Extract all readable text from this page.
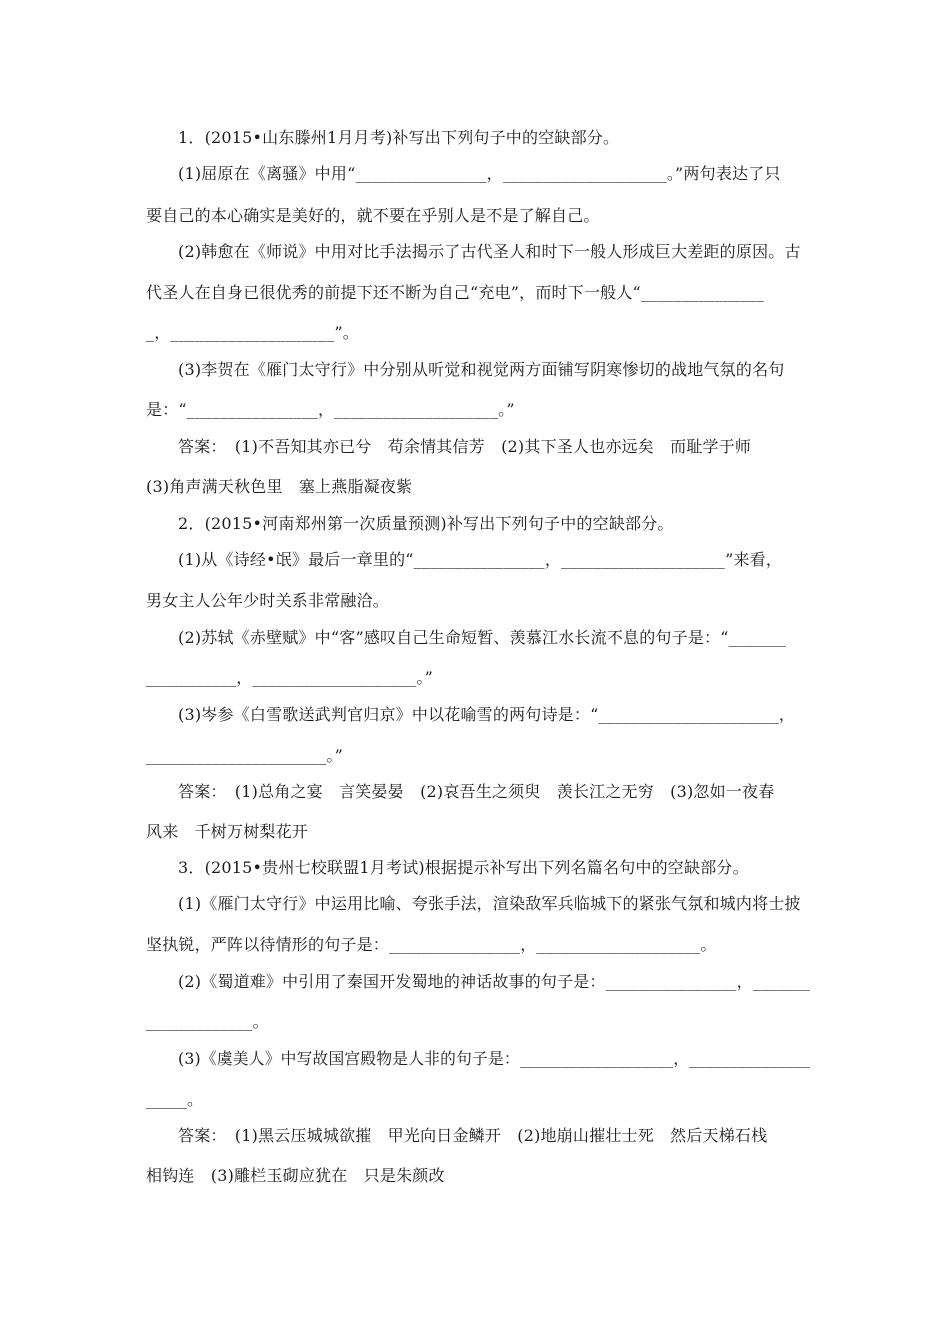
1．(2015•山东滕州1月月考)补写出下列句子中的空缺部分。
(1)屈原在《离骚》中用“________________，____________________。”两句表达了只
要自己的本心确实是美好的，就不要在乎别人是不是了解自己。
(2)韩愈在《师说》中用对比手法揭示了古代圣人和时下一般人形成巨大差距的原因。古
代圣人在自身已很优秀的前提下还不断为自己“充电”，而时下一般人“_______________
_，____________________”。
(3)李贺在《雁门太守行》中分别从听觉和视觉两方面铺写阴寒惨切的战地气氛的名句
是：“________________，____________________。”
答案：　(1)不吾知其亦已兮　苟余情其信芳　(2)其下圣人也亦远矣　而耻学于师
(3)角声满天秋色里　塞上燕脂凝夜紫
2．(2015•河南郑州第一次质量预测)补写出下列句子中的空缺部分。
(1)从《诗经•氓》最后一章里的“________________，____________________”来看，
男女主人公年少时关系非常融洽。
(2)苏轼《赤壁赋》中“客”感叹自己生命短暂、羡慕江水长流不息的句子是：“_______
___________，____________________。”
(3)岑参《白雪歌送武判官归京》中以花喻雪的两句诗是：“______________________，
______________________。”
答案：　(1)总角之宴　言笑晏晏　(2)哀吾生之须臾　羡长江之无穷　(3)忽如一夜春
风来　千树万树梨花开
3．(2015•贵州七校联盟1月考试)根据提示补写出下列名篇名句中的空缺部分。
(1)《雁门太守行》中运用比喻、夸张手法，渲染敌军兵临城下的紧张气氛和城内将士披
坚执锐，严阵以待情形的句子是：________________，____________________。
(2)《蜀道难》中引用了秦国开发蜀地的神话故事的句子是：________________，_______
_____________。
(3)《虞美人》中写故国宫殿物是人非的句子是：___________________，_______________
_____。
答案：　(1)黑云压城城欲摧　甲光向日金鳞开　(2)地崩山摧壮士死　然后天梯石栈
相钩连　(3)雕栏玉砌应犹在　只是朱颜改
